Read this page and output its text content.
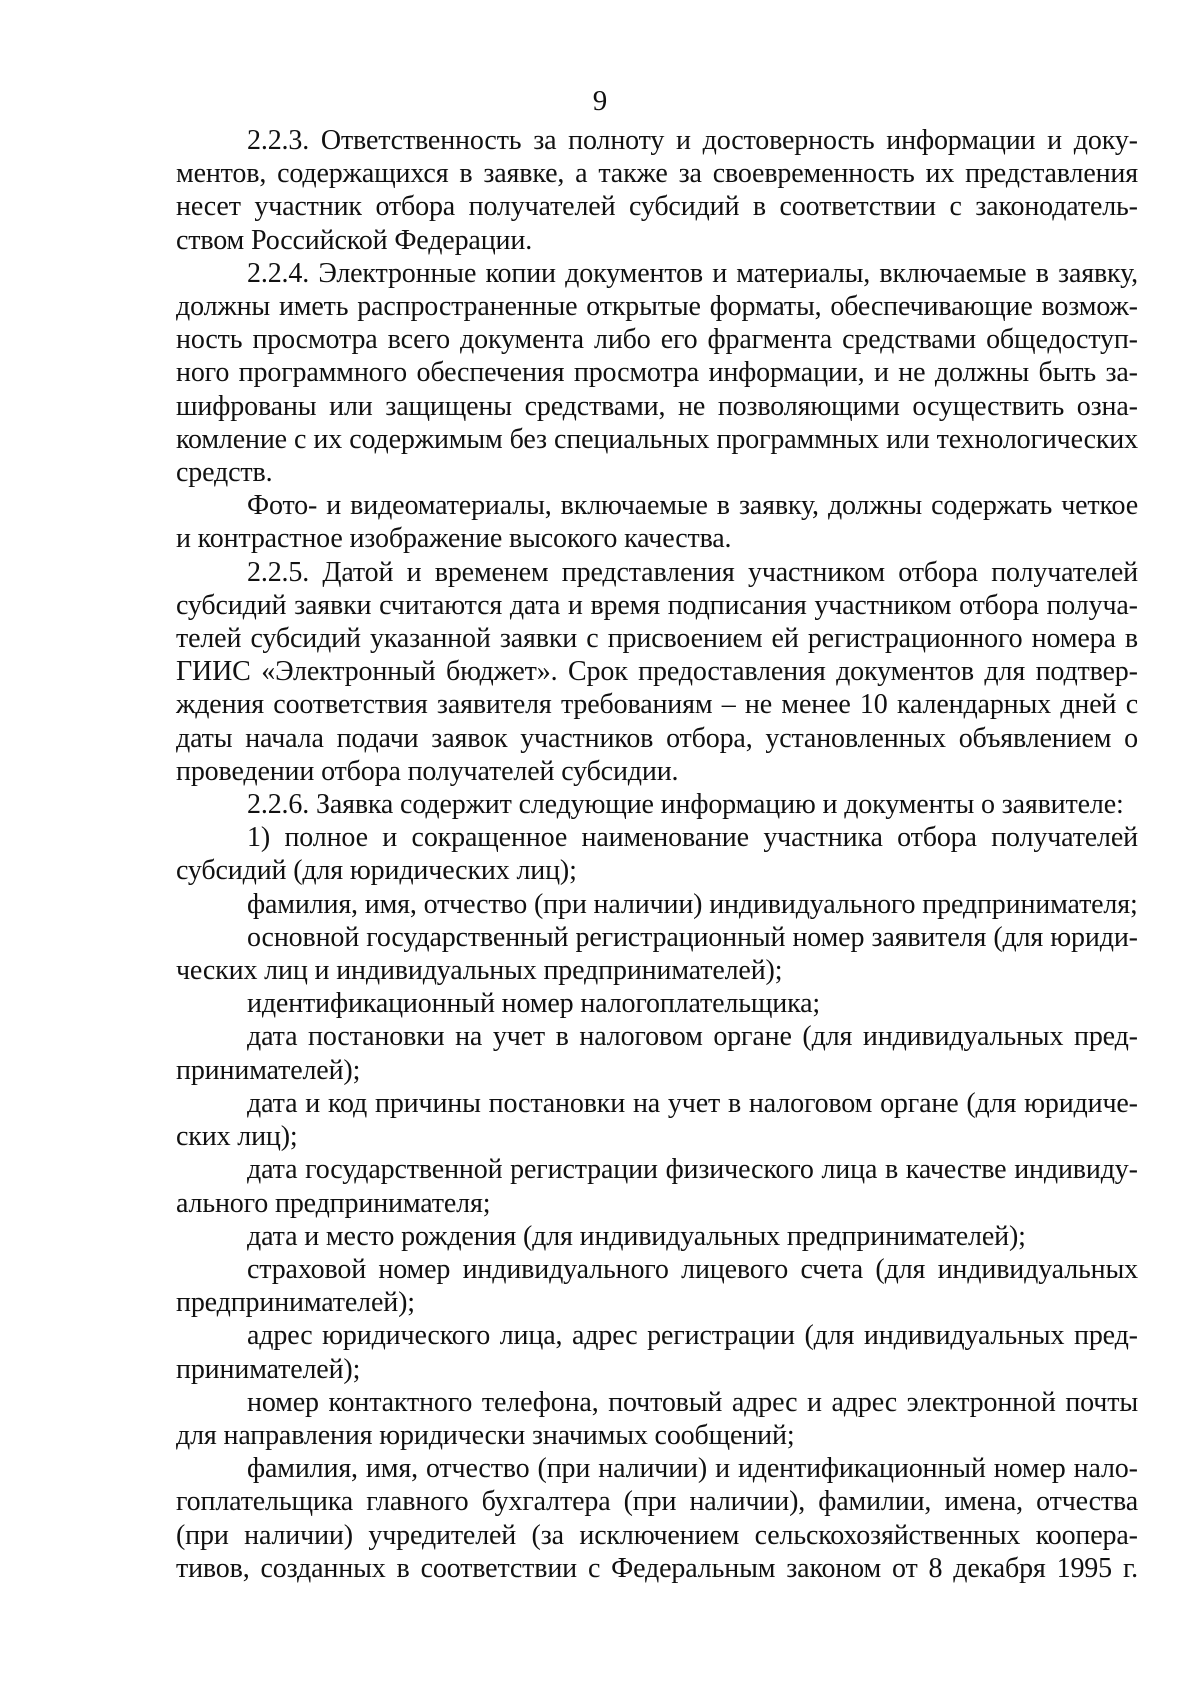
9

2.2.3. Ответственность за полноту и достоверность информации и документов, содержащихся в заявке, а также за своевременность их представления несет участник отбора получателей субсидий в соответствии с законодательством Российской Федерации.

2.2.4. Электронные копии документов и материалы, включаемые в заявку, должны иметь распространенные открытые форматы, обеспечивающие возможность просмотра всего документа либо его фрагмента средствами общедоступного программного обеспечения просмотра информации, и не должны быть зашифрованы или защищены средствами, не позволяющими осуществить ознакомление с их содержимым без специальных программных или технологических средств.

Фото- и видеоматериалы, включаемые в заявку, должны содержать четкое и контрастное изображение высокого качества.

2.2.5. Датой и временем представления участником отбора получателей субсидий заявки считаются дата и время подписания участником отбора получателей субсидий указанной заявки с присвоением ей регистрационного номера в ГИИС «Электронный бюджет». Срок предоставления документов для подтверждения соответствия заявителя требованиям – не менее 10 календарных дней с даты начала подачи заявок участников отбора, установленных объявлением о проведении отбора получателей субсидии.

2.2.6. Заявка содержит следующие информацию и документы о заявителе:

1) полное и сокращенное наименование участника отбора получателей субсидий (для юридических лиц);

фамилия, имя, отчество (при наличии) индивидуального предпринимателя;

основной государственный регистрационный номер заявителя (для юридических лиц и индивидуальных предпринимателей);

идентификационный номер налогоплательщика;

дата постановки на учет в налоговом органе (для индивидуальных предпринимателей);

дата и код причины постановки на учет в налоговом органе (для юридических лиц);

дата государственной регистрации физического лица в качестве индивидуального предпринимателя;

дата и место рождения (для индивидуальных предпринимателей);

страховой номер индивидуального лицевого счета (для индивидуальных предпринимателей);

адрес юридического лица, адрес регистрации (для индивидуальных предпринимателей);

номер контактного телефона, почтовый адрес и адрес электронной почты для направления юридически значимых сообщений;

фамилия, имя, отчество (при наличии) и идентификационный номер налогоплательщика главного бухгалтера (при наличии), фамилии, имена, отчества (при наличии) учредителей (за исключением сельскохозяйственных кооперативов, созданных в соответствии с Федеральным законом от 8 декабря 1995 г.
